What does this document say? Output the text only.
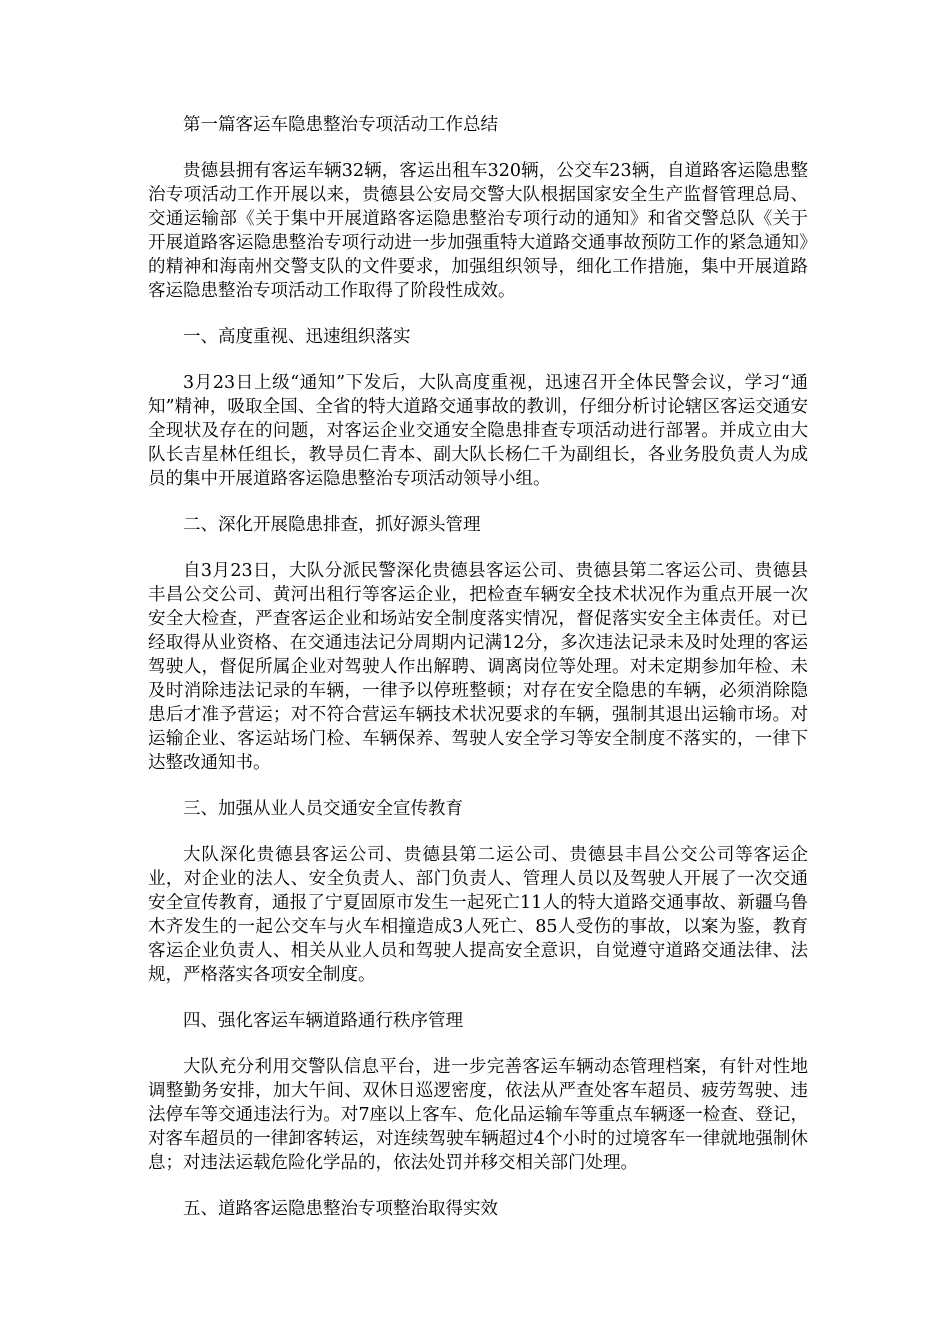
第一篇客运车隐患整治专项活动工作总结

贵德县拥有客运车辆32辆，客运出租车320辆，公交车23辆，自道路客运隐患整治专项活动工作开展以来，贵德县公安局交警大队根据国家安全生产监督管理总局、交通运输部《关于集中开展道路客运隐患整治专项行动的通知》和省交警总队《关于开展道路客运隐患整治专项行动进一步加强重特大道路交通事故预防工作的紧急通知》的精神和海南州交警支队的文件要求，加强组织领导，细化工作措施，集中开展道路客运隐患整治专项活动工作取得了阶段性成效。

一、高度重视、迅速组织落实

3月23日上级“通知”下发后，大队高度重视，迅速召开全体民警会议，学习“通知”精神，吸取全国、全省的特大道路交通事故的教训，仔细分析讨论辖区客运交通安全现状及存在的问题，对客运企业交通安全隐患排查专项活动进行部署。并成立由大队长吉星林任组长，教导员仁青本、副大队长杨仁千为副组长，各业务股负责人为成员的集中开展道路客运隐患整治专项活动领导小组。

二、深化开展隐患排查，抓好源头管理

自3月23日，大队分派民警深化贵德县客运公司、贵德县第二客运公司、贵德县丰昌公交公司、黄河出租行等客运企业，把检查车辆安全技术状况作为重点开展一次安全大检查，严查客运企业和场站安全制度落实情况，督促落实安全主体责任。对已经取得从业资格、在交通违法记分周期内记满12分，多次违法记录未及时处理的客运驾驶人，督促所属企业对驾驶人作出解聘、调离岗位等处理。对未定期参加年检、未及时消除违法记录的车辆，一律予以停班整顿；对存在安全隐患的车辆，必须消除隐患后才准予营运；对不符合营运车辆技术状况要求的车辆，强制其退出运输市场。对运输企业、客运站场门检、车辆保养、驾驶人安全学习等安全制度不落实的，一律下达整改通知书。

三、加强从业人员交通安全宣传教育

大队深化贵德县客运公司、贵德县第二运公司、贵德县丰昌公交公司等客运企业，对企业的法人、安全负责人、部门负责人、管理人员以及驾驶人开展了一次交通安全宣传教育，通报了宁夏固原市发生一起死亡11人的特大道路交通事故、新疆乌鲁木齐发生的一起公交车与火车相撞造成3人死亡、85人受伤的事故，以案为鉴，教育客运企业负责人、相关从业人员和驾驶人提高安全意识，自觉遵守道路交通法律、法规，严格落实各项安全制度。

四、强化客运车辆道路通行秩序管理

大队充分利用交警队信息平台，进一步完善客运车辆动态管理档案，有针对性地调整勤务安排，加大午间、双休日巡逻密度，依法从严查处客车超员、疲劳驾驶、违法停车等交通违法行为。对7座以上客车、危化品运输车等重点车辆逐一检查、登记，对客车超员的一律卸客转运，对连续驾驶车辆超过4个小时的过境客车一律就地强制休息；对违法运载危险化学品的，依法处罚并移交相关部门处理。

五、道路客运隐患整治专项整治取得实效
